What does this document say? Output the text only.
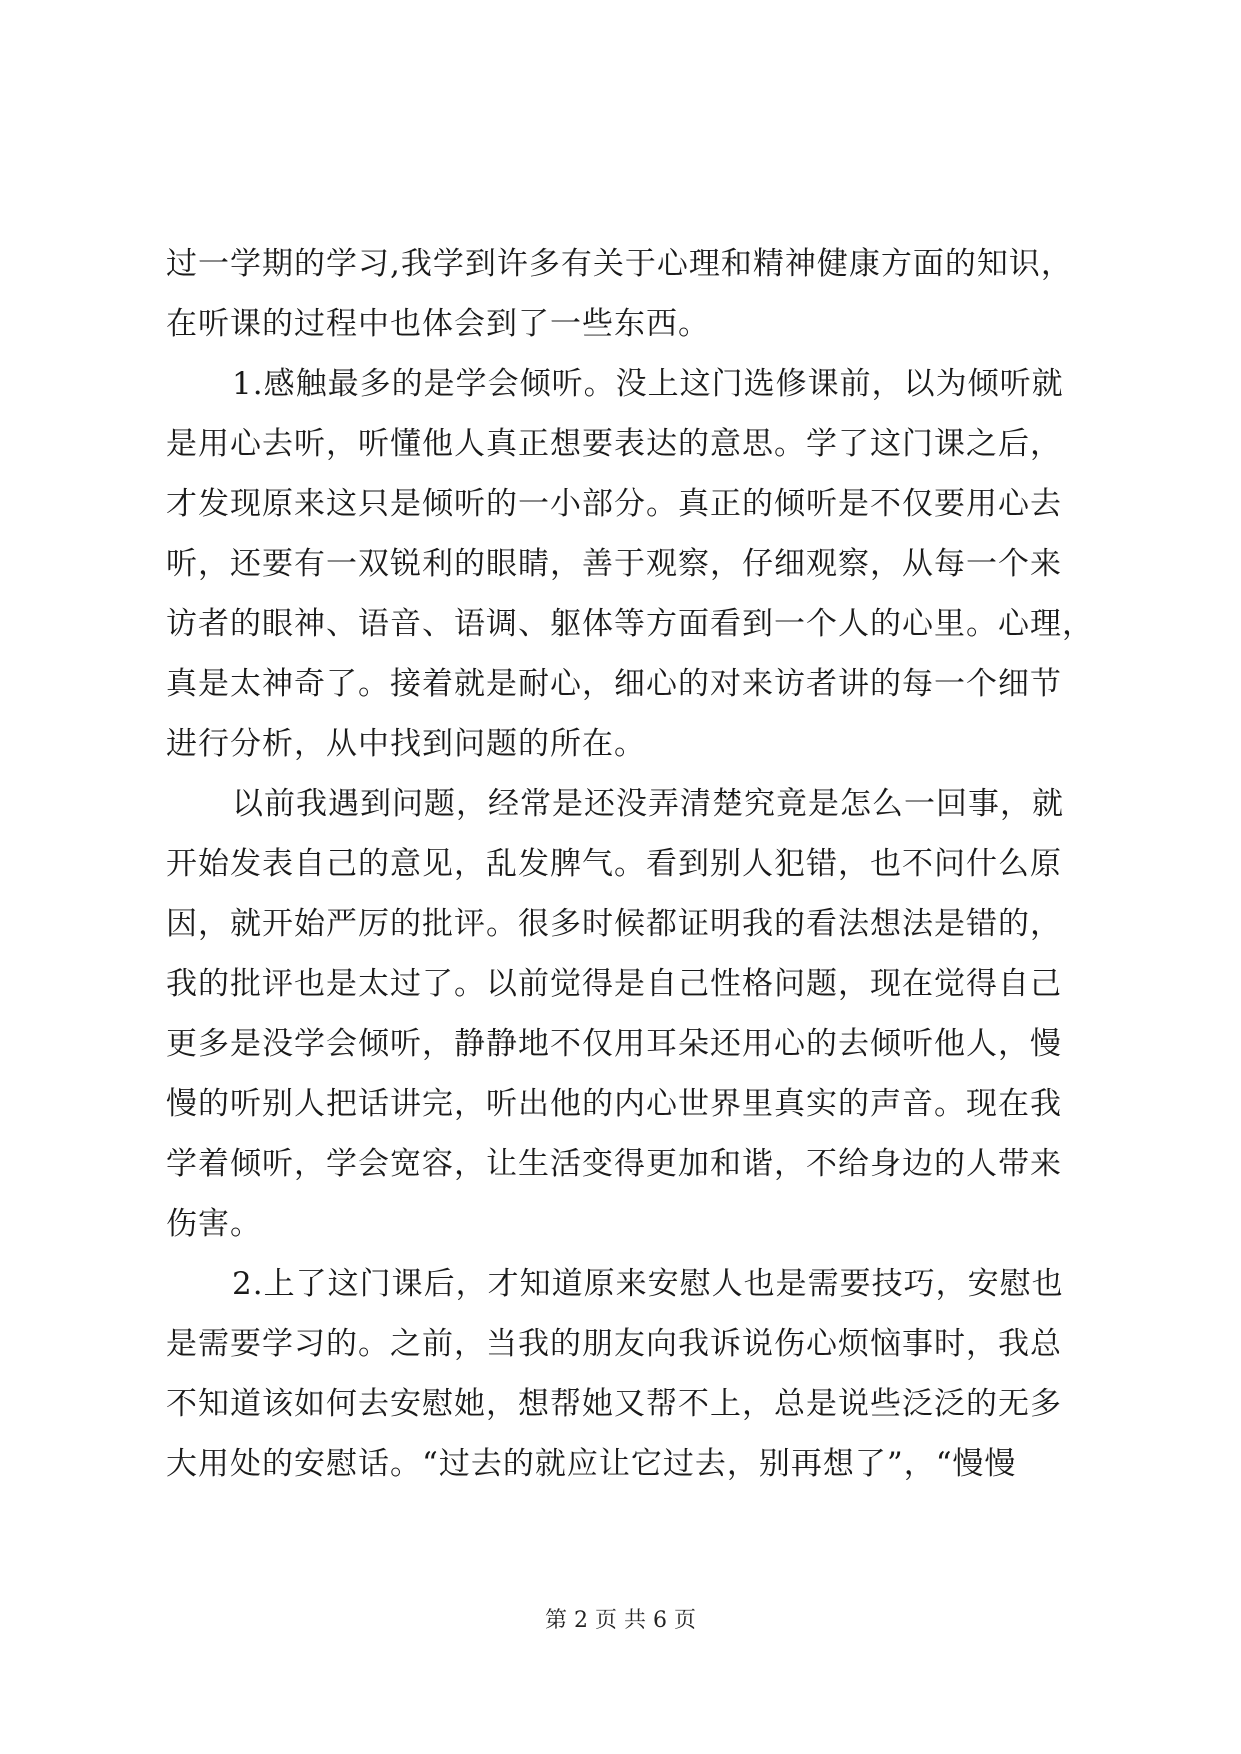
过一学期的学习,我学到许多有关于心理和精神健康方面的知识，
在听课的过程中也体会到了一些东西。
1.感触最多的是学会倾听。没上这门选修课前，以为倾听就
是用心去听，听懂他人真正想要表达的意思。学了这门课之后，
才发现原来这只是倾听的一小部分。真正的倾听是不仅要用心去
听，还要有一双锐利的眼睛，善于观察，仔细观察，从每一个来
访者的眼神、语音、语调、躯体等方面看到一个人的心里。心理，
真是太神奇了。接着就是耐心，细心的对来访者讲的每一个细节
进行分析，从中找到问题的所在。
以前我遇到问题，经常是还没弄清楚究竟是怎么一回事，就
开始发表自己的意见，乱发脾气。看到别人犯错，也不问什么原
因，就开始严厉的批评。很多时候都证明我的看法想法是错的，
我的批评也是太过了。以前觉得是自己性格问题，现在觉得自己
更多是没学会倾听，静静地不仅用耳朵还用心的去倾听他人，慢
慢的听别人把话讲完，听出他的内心世界里真实的声音。现在我
学着倾听，学会宽容，让生活变得更加和谐，不给身边的人带来
伤害。
2.上了这门课后，才知道原来安慰人也是需要技巧，安慰也
是需要学习的。之前，当我的朋友向我诉说伤心烦恼事时，我总
不知道该如何去安慰她，想帮她又帮不上，总是说些泛泛的无多
大用处的安慰话。“过去的就应让它过去，别再想了”，“慢慢
第 2 页 共 6 页
